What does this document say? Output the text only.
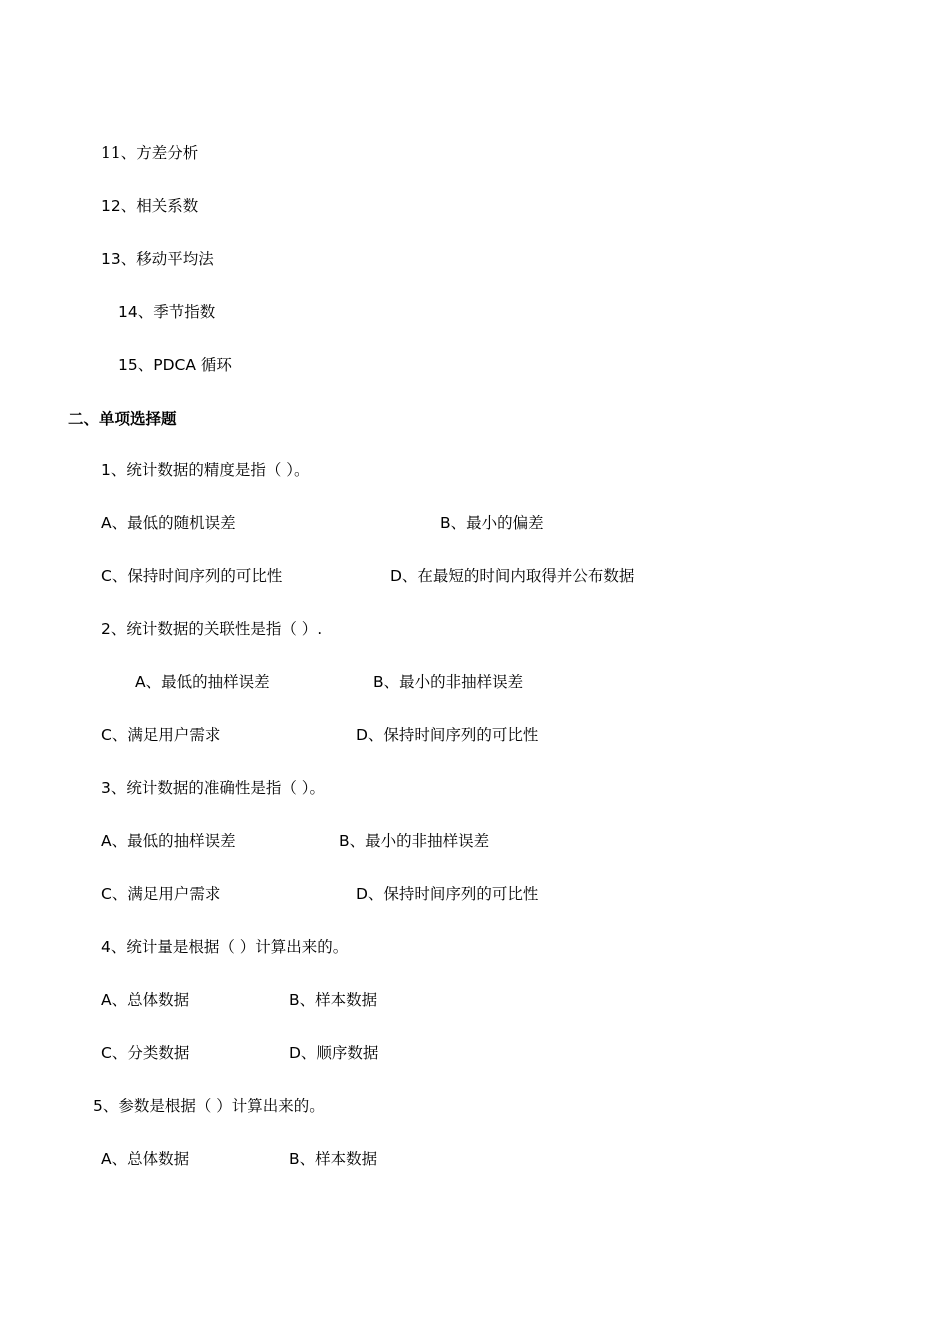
11、方差分析
12、相关系数
13、移动平均法
14、季节指数
15、PDCA 循环
二、单项选择题
1、统计数据的精度是指（ ）。
A、最低的随机误差	B、最小的偏差
C、保持时间序列的可比性	D、在最短的时间内取得并公布数据
2、统计数据的关联性是指（ ）.
A、最低的抽样误差	B、最小的非抽样误差
C、满足用户需求	D、保持时间序列的可比性
3、统计数据的准确性是指（ ）。
A、最低的抽样误差	B、最小的非抽样误差
C、满足用户需求	D、保持时间序列的可比性
4、统计量是根据（ ）计算出来的。
A、总体数据	B、样本数据
C、分类数据	D、顺序数据
5、参数是根据（ ）计算出来的。
A、总体数据	B、样本数据
